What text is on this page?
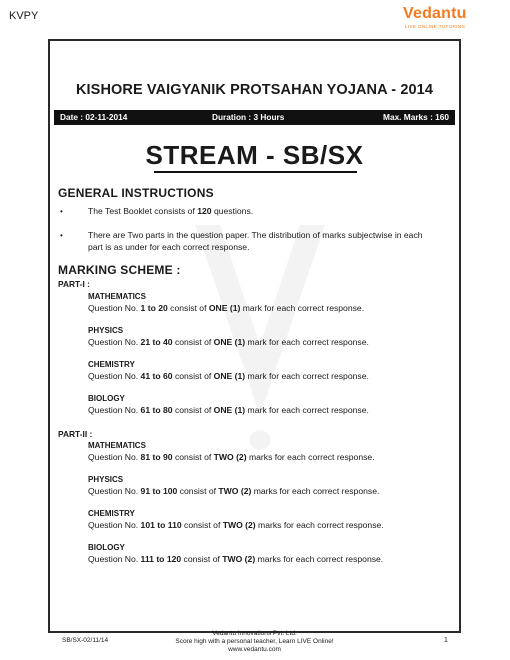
KVPY	Vedantu
LIVE ONLINE TUTORING
KISHORE VAIGYANIK PROTSAHAN YOJANA - 2014
Date : 02-11-2014	Duration : 3 Hours	Max. Marks : 160
STREAM - SB/SX
GENERAL INSTRUCTIONS
•	The Test Booklet consists of 120 questions.
•	There are Two parts in the question paper. The distribution of marks subjectwise in each
part is as under for each correct response.
MARKING SCHEME :
PART-I :
MATHEMATICS
Question No. 1 to 20 consist of ONE (1) mark for each correct response.
PHYSICS
Question No. 21 to 40 consist of ONE (1) mark for each correct response.
CHEMISTRY
Question No. 41 to 60 consist of ONE (1) mark for each correct response.
BIOLOGY
Question No. 61 to 80 consist of ONE (1) mark for each correct response.
PART-II :
MATHEMATICS
Question No. 81 to 90 consist of TWO (2) marks for each correct response.
PHYSICS
Question No. 91 to 100 consist of TWO (2) marks for each correct response.
CHEMISTRY
Question No. 101 to 110 consist of TWO (2) marks for each correct response.
BIOLOGY
Question No. 111 to 120 consist of TWO (2) marks for each correct response.
SB/SX-02/11/14
Vedantu Innovations Pvt. Ltd.
Score high with a personal teacher, Learn LIVE Online!
www.vedantu.com
1
